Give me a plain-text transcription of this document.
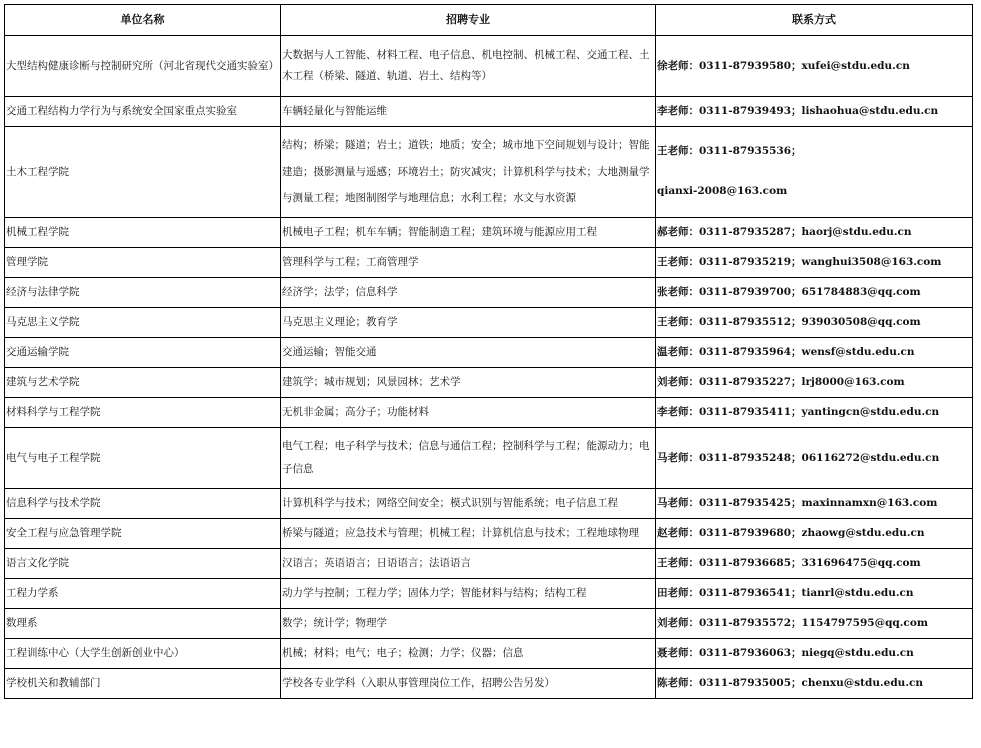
单位名称	招聘专业	联系方式
大型结构健康诊断与控制研究所（河北省现代交通实验室）	大数据与人工智能、材料工程、电子信息、机电控制、机械工程、交通工程、土木工程（桥梁、隧道、轨道、岩土、结构等）	徐老师：0311-87939580；xufei@stdu.edu.cn
交通工程结构力学行为与系统安全国家重点实验室	车辆轻量化与智能运维	李老师：0311-87939493；lishaohua@stdu.edu.cn
土木工程学院	结构；桥梁；隧道；岩土；道铁；地质；安全；城市地下空间规划与设计；智能建造；摄影测量与遥感；环境岩土；防灾减灾；计算机科学与技术；大地测量学与测量工程；地图制图学与地理信息；水利工程；水文与水资源	王老师：0311-87935536；
qianxi-2008@163.com

机械工程学院	机械电子工程；机车车辆；智能制造工程；建筑环境与能源应用工程	郝老师：0311-87935287；haorj@stdu.edu.cn
管理学院	管理科学与工程；工商管理学	王老师：0311-87935219；wanghui3508@163.com
经济与法律学院	经济学；法学；信息科学	张老师：0311-87939700；651784883@qq.com
马克思主义学院	马克思主义理论；教育学	王老师：0311-87935512；939030508@qq.com
交通运输学院	交通运输；智能交通	温老师：0311-87935964；wensf@stdu.edu.cn
建筑与艺术学院	建筑学；城市规划；风景园林；艺术学	刘老师：0311-87935227；lrj8000@163.com
材料科学与工程学院	无机非金属；高分子；功能材料	李老师：0311-87935411；yantingcn@stdu.edu.cn
电气与电子工程学院	电气工程；电子科学与技术；信息与通信工程；控制科学与工程；能源动力；电子信息	马老师：0311-87935248；06116272@stdu.edu.cn
信息科学与技术学院	计算机科学与技术；网络空间安全；模式识别与智能系统；电子信息工程	马老师：0311-87935425；maxinnamxn@163.com
安全工程与应急管理学院	桥梁与隧道；应急技术与管理；机械工程；计算机信息与技术；工程地球物理	赵老师：0311-87939680；zhaowg@stdu.edu.cn
语言文化学院	汉语言；英语语言；日语语言；法语语言	王老师：0311-87936685；331696475@qq.com
工程力学系	动力学与控制；工程力学；固体力学；智能材料与结构；结构工程	田老师：0311-87936541；tianrl@stdu.edu.cn
数理系	数学；统计学；物理学	刘老师：0311-87935572；1154797595@qq.com
工程训练中心（大学生创新创业中心）	机械；材料；电气；电子；检测；力学；仪器；信息	聂老师：0311-87936063；niegq@stdu.edu.cn
学校机关和教辅部门	学校各专业学科（入职从事管理岗位工作，招聘公告另发）	陈老师：0311-87935005；chenxu@stdu.edu.cn
